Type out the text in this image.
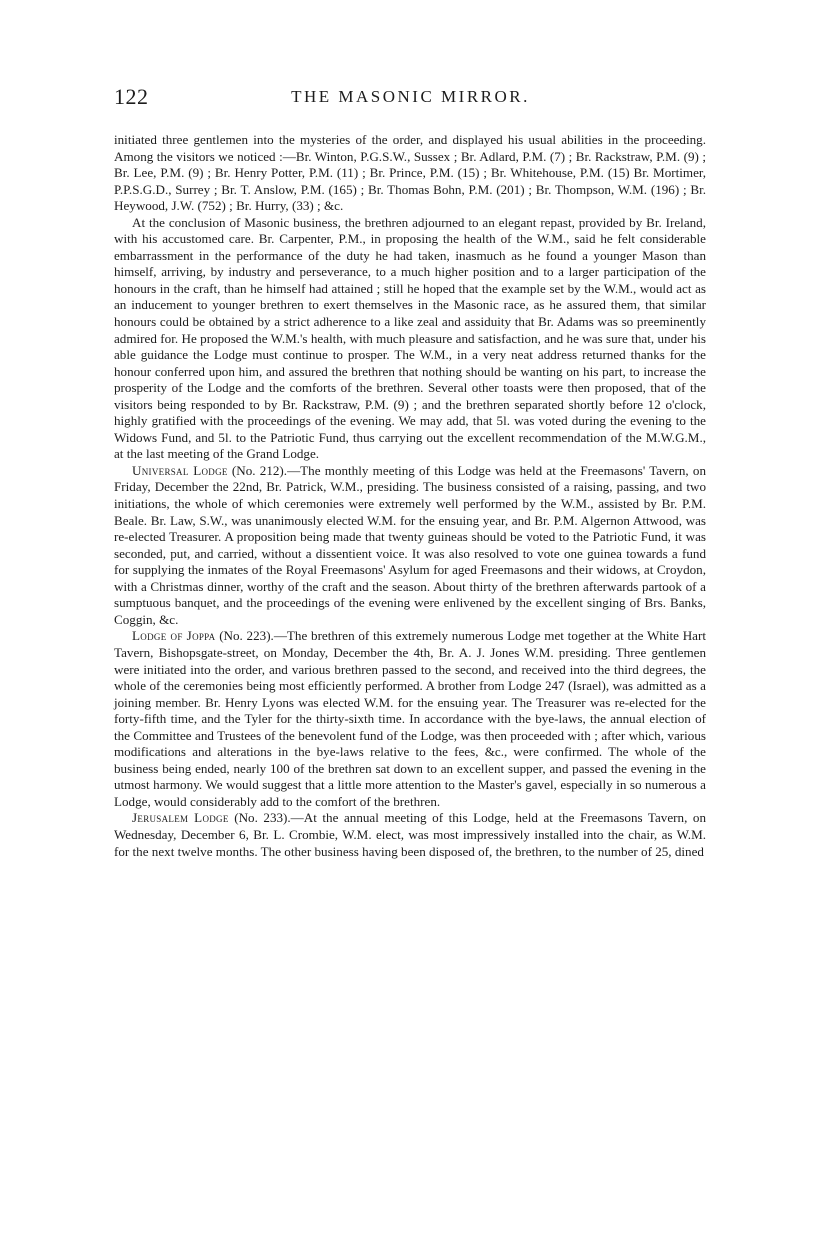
122	THE MASONIC MIRROR.

initiated three gentlemen into the mysteries of the order, and displayed his usual abilities in the proceeding. Among the visitors we noticed :—Br. Winton, P.G.S.W., Sussex ; Br. Adlard, P.M. (7) ; Br. Rackstraw, P.M. (9) ; Br. Lee, P.M. (9) ; Br. Henry Potter, P.M. (11) ; Br. Prince, P.M. (15) ; Br. Whitehouse, P.M. (15) Br. Mortimer, P.P.S.G.D., Surrey ; Br. T. Anslow, P.M. (165) ; Br. Thomas Bohn, P.M. (201) ; Br. Thompson, W.M. (196) ; Br. Heywood, J.W. (752) ; Br. Hurry, (33) ; &c.

At the conclusion of Masonic business, the brethren adjourned to an elegant repast, provided by Br. Ireland, with his accustomed care. Br. Carpenter, P.M., in proposing the health of the W.M., said he felt considerable embarrassment in the performance of the duty he had taken, inasmuch as he found a younger Mason than himself, arriving, by industry and perseverance, to a much higher position and to a larger participation of the honours in the craft, than he himself had attained ; still he hoped that the example set by the W.M., would act as an inducement to younger brethren to exert themselves in the Masonic race, as he assured them, that similar honours could be obtained by a strict adherence to a like zeal and assiduity that Br. Adams was so preeminently admired for. He proposed the W.M.'s health, with much pleasure and satisfaction, and he was sure that, under his able guidance the Lodge must continue to prosper. The W.M., in a very neat address returned thanks for the honour conferred upon him, and assured the brethren that nothing should be wanting on his part, to increase the prosperity of the Lodge and the comforts of the brethren. Several other toasts were then proposed, that of the visitors being responded to by Br. Rackstraw, P.M. (9) ; and the brethren separated shortly before 12 o'clock, highly gratified with the proceedings of the evening. We may add, that 5l. was voted during the evening to the Widows Fund, and 5l. to the Patriotic Fund, thus carrying out the excellent recommendation of the M.W.G.M., at the last meeting of the Grand Lodge.

Universal Lodge (No. 212).—The monthly meeting of this Lodge was held at the Freemasons' Tavern, on Friday, December the 22nd, Br. Patrick, W.M., presiding. The business consisted of a raising, passing, and two initiations, the whole of which ceremonies were extremely well performed by the W.M., assisted by Br. P.M. Beale. Br. Law, S.W., was unanimously elected W.M. for the ensuing year, and Br. P.M. Algernon Attwood, was re-elected Treasurer. A proposition being made that twenty guineas should be voted to the Patriotic Fund, it was seconded, put, and carried, without a dissentient voice. It was also resolved to vote one guinea towards a fund for supplying the inmates of the Royal Freemasons' Asylum for aged Freemasons and their widows, at Croydon, with a Christmas dinner, worthy of the craft and the season. About thirty of the brethren afterwards partook of a sumptuous banquet, and the proceedings of the evening were enlivened by the excellent singing of Brs. Banks, Coggin, &c.

Lodge of Joppa (No. 223).—The brethren of this extremely numerous Lodge met together at the White Hart Tavern, Bishopsgate-street, on Monday, December the 4th, Br. A. J. Jones W.M. presiding. Three gentlemen were initiated into the order, and various brethren passed to the second, and received into the third degrees, the whole of the ceremonies being most efficiently performed. A brother from Lodge 247 (Israel), was admitted as a joining member. Br. Henry Lyons was elected W.M. for the ensuing year. The Treasurer was re-elected for the forty-fifth time, and the Tyler for the thirty-sixth time. In accordance with the bye-laws, the annual election of the Committee and Trustees of the benevolent fund of the Lodge, was then proceeded with ; after which, various modifications and alterations in the bye-laws relative to the fees, &c., were confirmed. The whole of the business being ended, nearly 100 of the brethren sat down to an excellent supper, and passed the evening in the utmost harmony. We would suggest that a little more attention to the Master's gavel, especially in so numerous a Lodge, would considerably add to the comfort of the brethren.

Jerusalem Lodge (No. 233).—At the annual meeting of this Lodge, held at the Freemasons Tavern, on Wednesday, December 6, Br. L. Crombie, W.M. elect, was most impressively installed into the chair, as W.M. for the next twelve months. The other business having been disposed of, the brethren, to the number of 25, dined
